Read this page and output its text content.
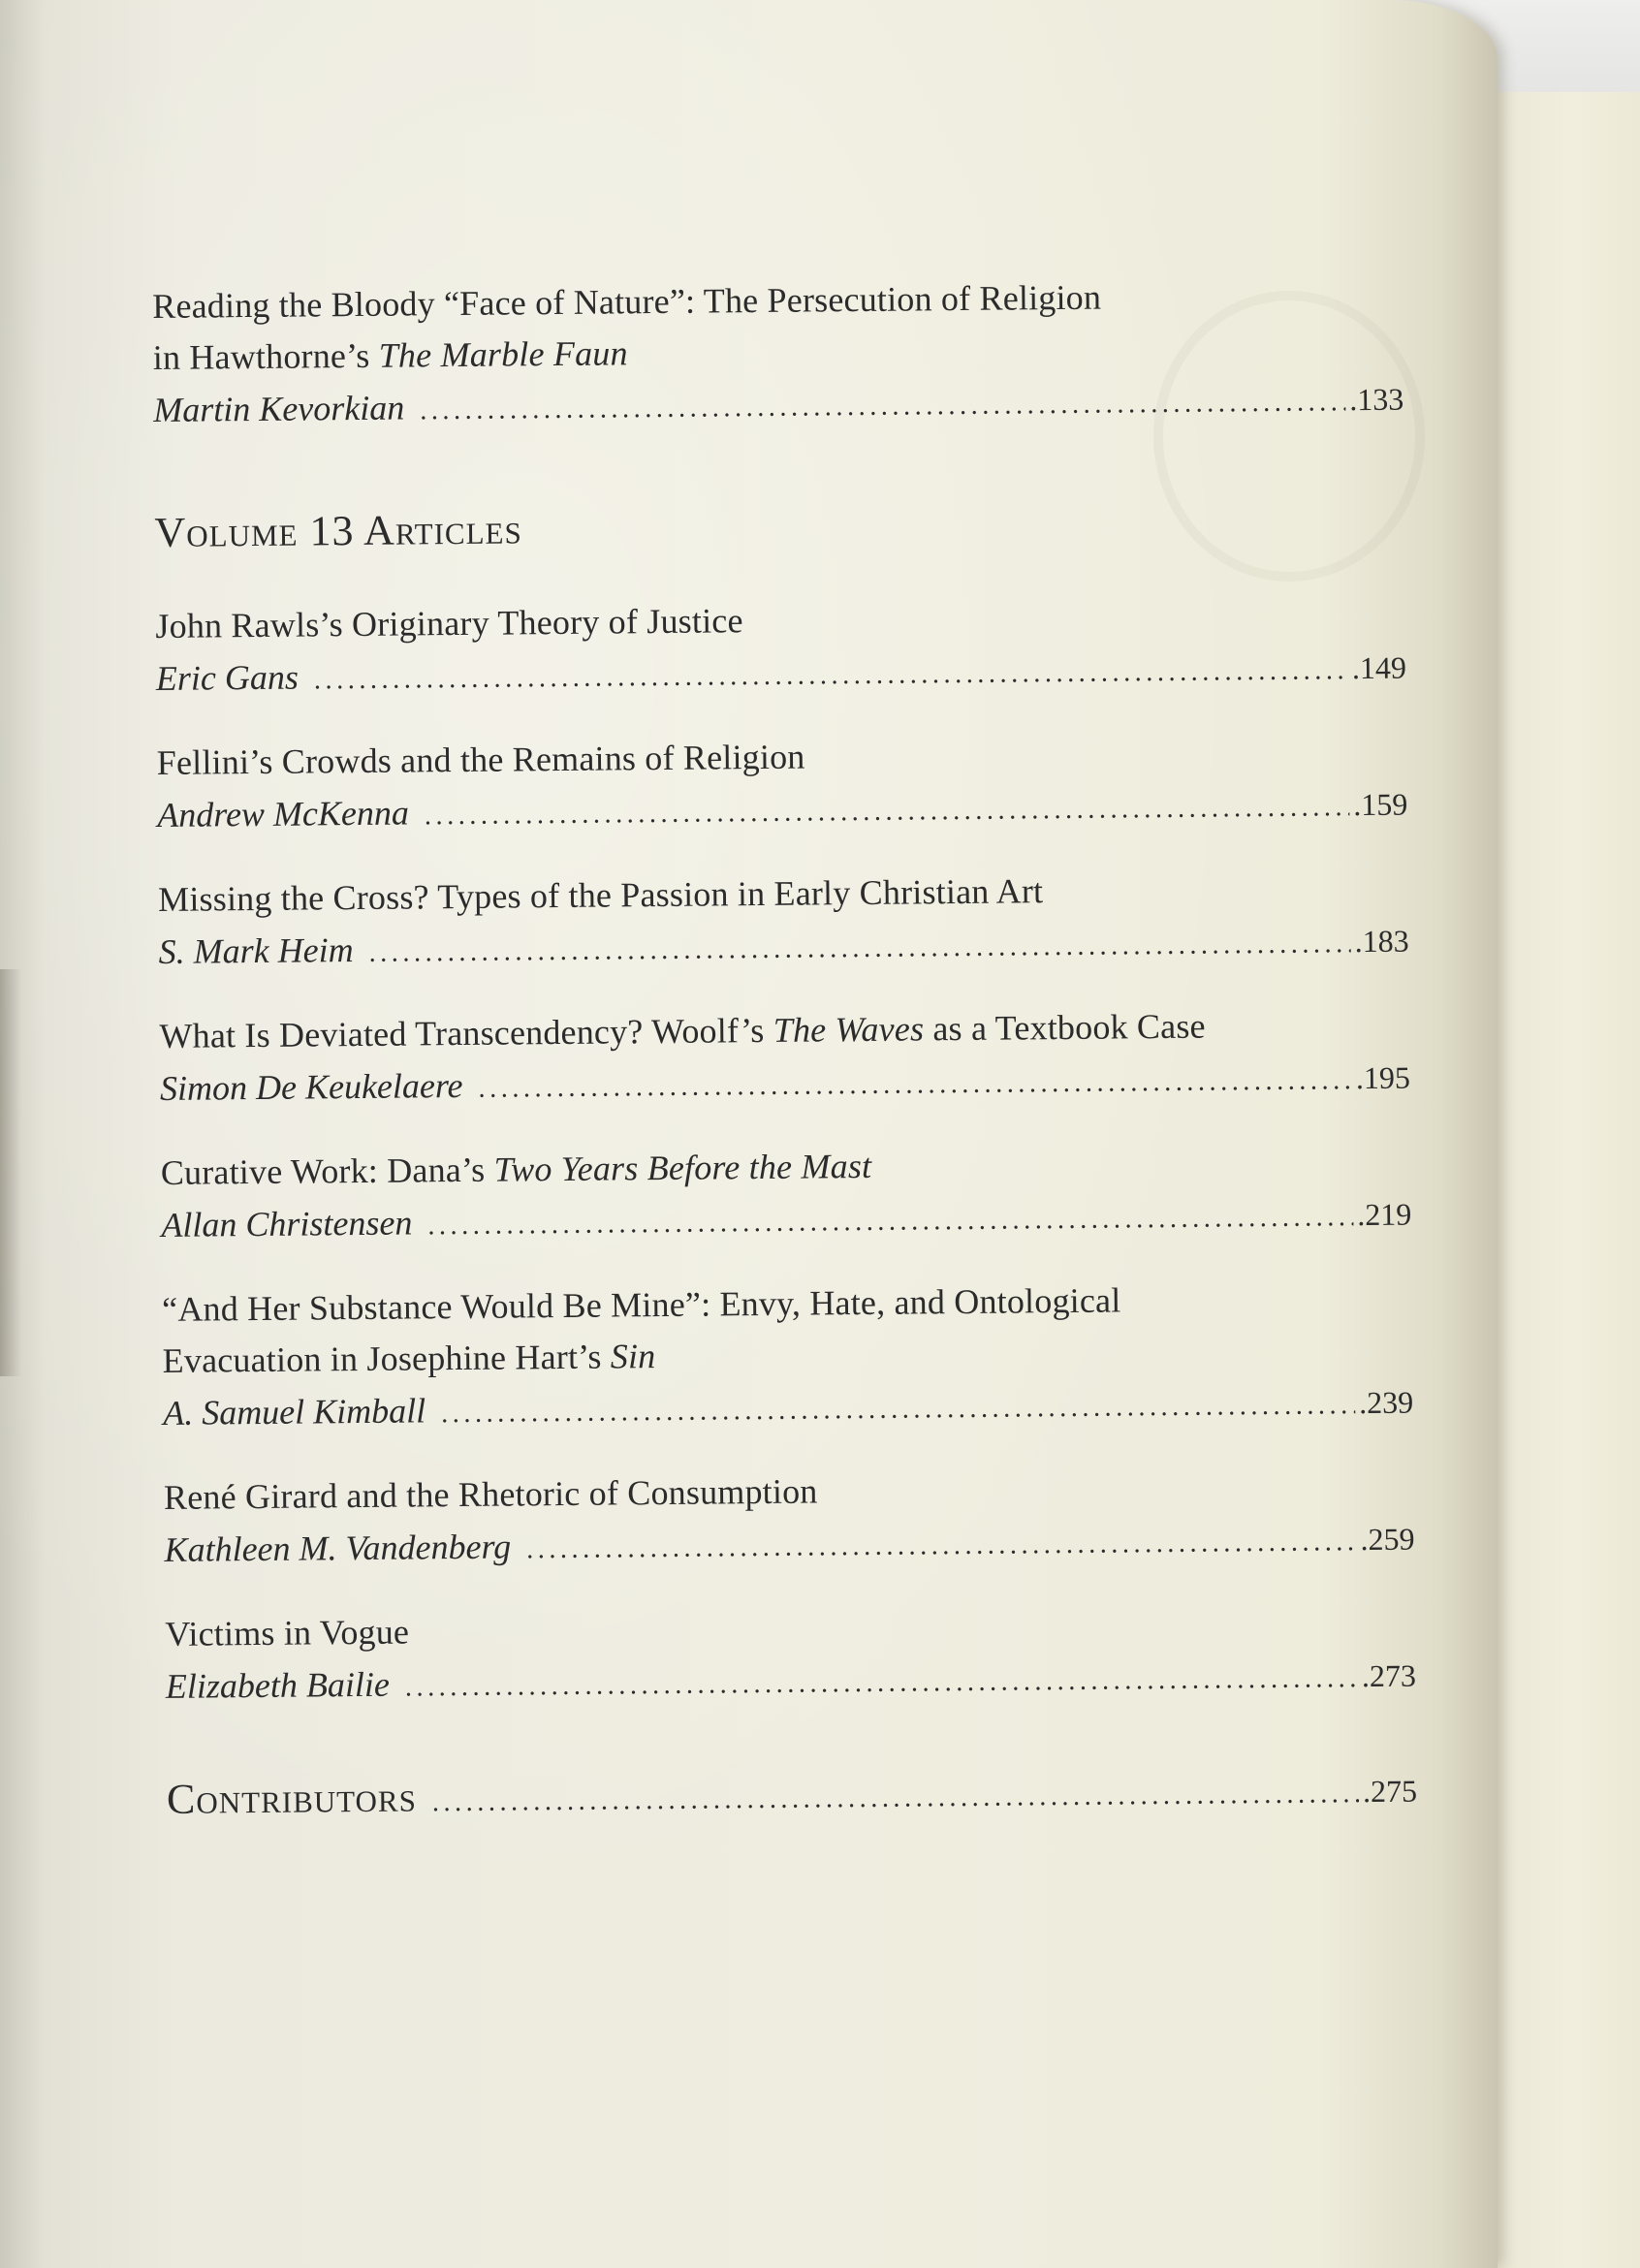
Reading the Bloody “Face of Nature”: The Persecution of Religion
in Hawthorne’s The Marble Faun
Martin Kevorkian . . .	.133
Volume 13 Articles
John Rawls’s Originary Theory of Justice
Eric Gans . . .	.149
Fellini’s Crowds and the Remains of Religion
Andrew McKenna . . .	.159
Missing the Cross? Types of the Passion in Early Christian Art
S. Mark Heim . . .	.183
What Is Deviated Transcendency? Woolf’s The Waves as a Textbook Case
Simon De Keukelaere . . .	.195
Curative Work: Dana’s Two Years Before the Mast
Allan Christensen . . .	.219
“And Her Substance Would Be Mine”: Envy, Hate, and Ontological
Evacuation in Josephine Hart’s Sin
A. Samuel Kimball . . .	.239
René Girard and the Rhetoric of Consumption
Kathleen M. Vandenberg . . .	.259
Victims in Vogue
Elizabeth Bailie . . .	.273
Contributors . . .	.275
